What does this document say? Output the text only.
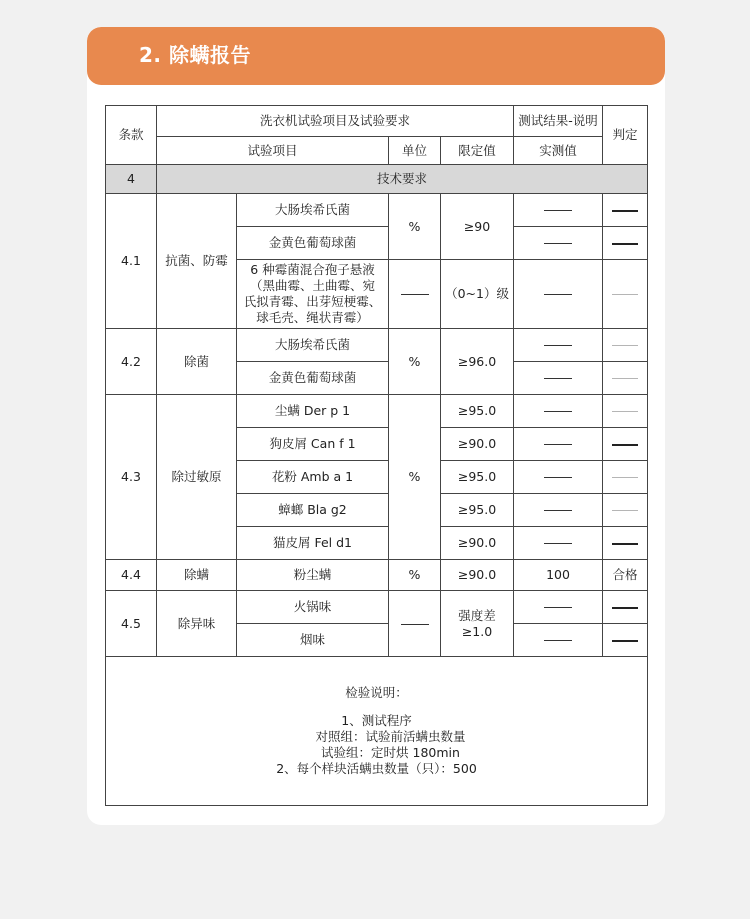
2. 除螨报告
条款	洗衣机试验项目及试验要求				测试结果-说明	判定
	试验项目		单位	限定值	实测值	
4	技术要求					
4.1	抗菌、防霉	大肠埃希氏菌	%	≥90		
		金黄色葡萄球菌				

		6 种霉菌混合孢子悬液
（黑曲霉、土曲霉、宛
氏拟青霉、出芽短梗霉、
球毛壳、绳状青霉）		（0~1）级		
4.2	除菌	大肠埃希氏菌	%	≥96.0		
		金黄色葡萄球菌				
4.3	除过敏原	尘螨 Der p 1	%	≥95.0		
		狗皮屑 Can f 1		≥90.0		
		花粉 Amb a 1		≥95.0		
		蟑螂 Bla g2		≥95.0		
		猫皮屑 Fel d1		≥90.0		
4.4	除螨	粉尘螨	%	≥90.0	100	合格
4.5	除异味	火锅味		强度差
≥1.0		

		烟味				

检验说明：
1、测试程序
对照组：试验前活螨虫数量
试验组：定时烘 180min
2、每个样块活螨虫数量（只）：500						
